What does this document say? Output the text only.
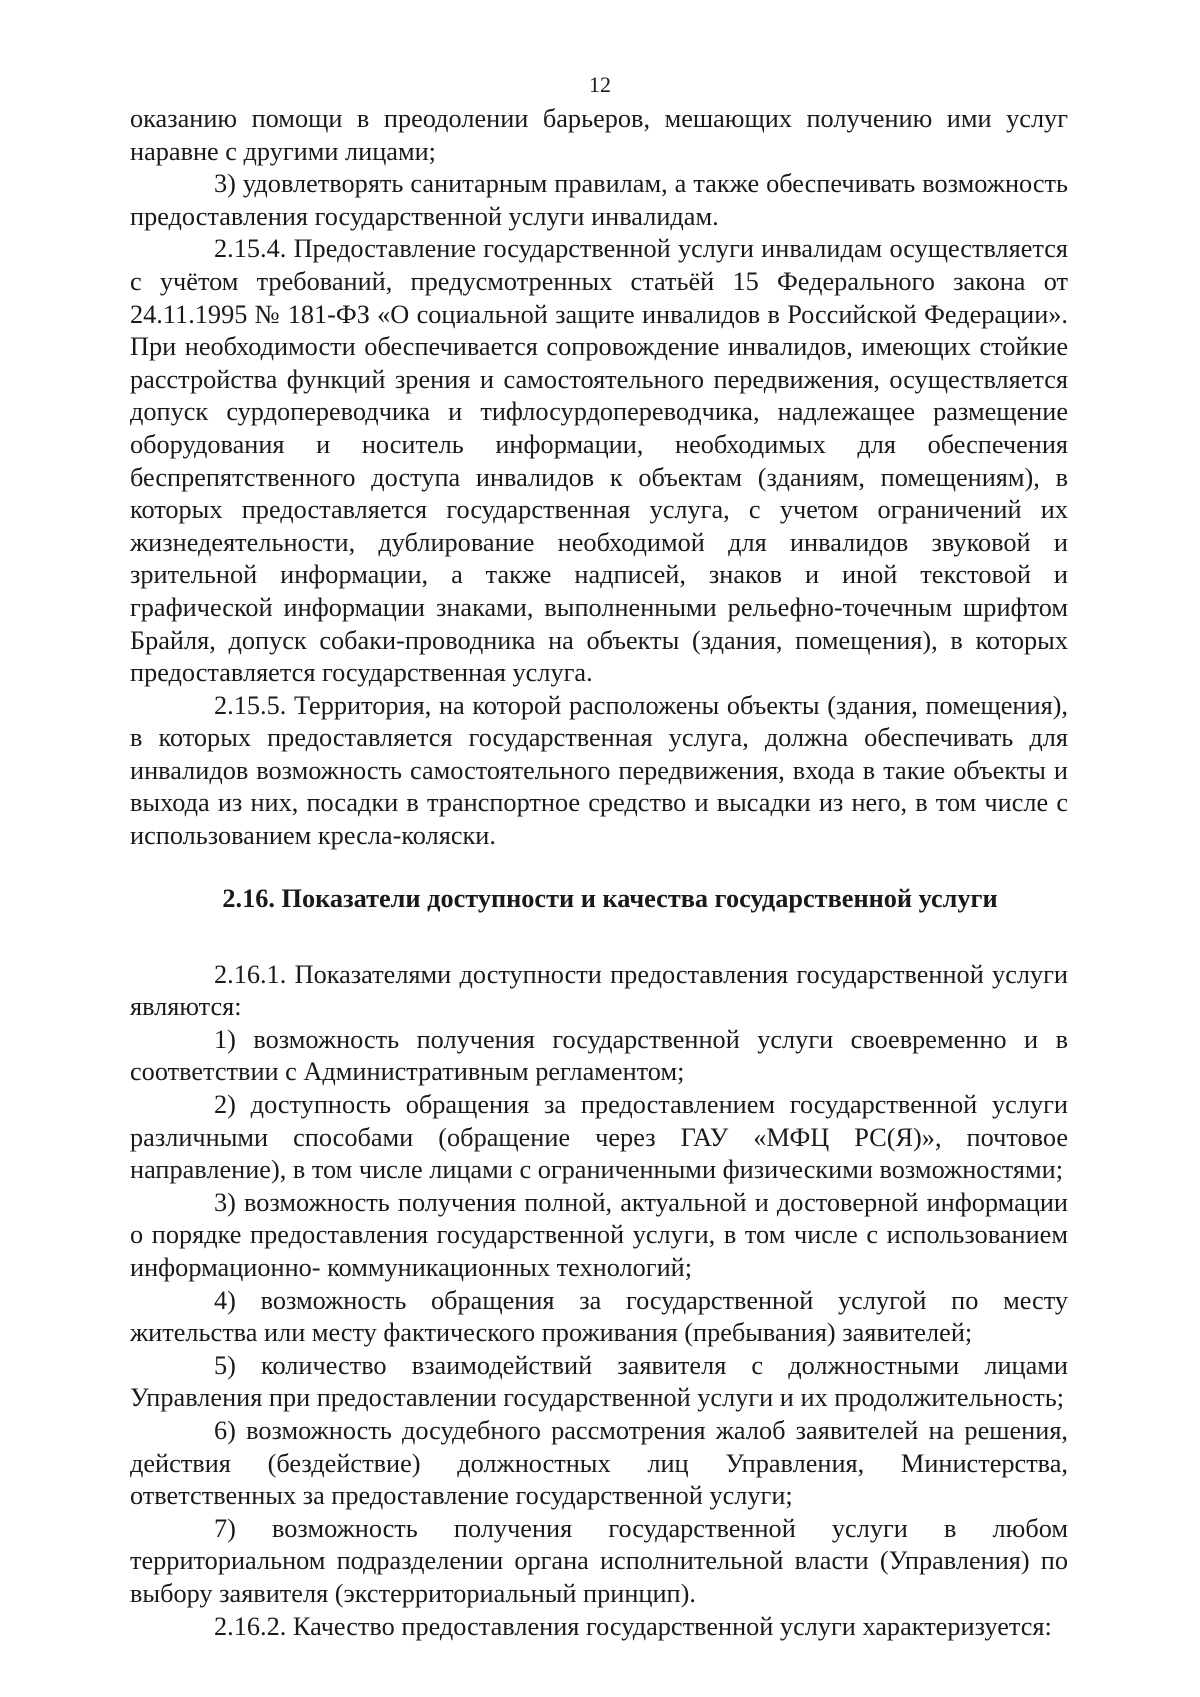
12

оказанию помощи в преодолении барьеров, мешающих получению ими услуг наравне с другими лицами;

3) удовлетворять санитарным правилам, а также обеспечивать возможность предоставления государственной услуги инвалидам.

2.15.4. Предоставление государственной услуги инвалидам осуществляется с учётом требований, предусмотренных статьёй 15 Федерального закона от 24.11.1995 № 181-ФЗ «О социальной защите инвалидов в Российской Федерации». При необходимости обеспечивается сопровождение инвалидов, имеющих стойкие расстройства функций зрения и самостоятельного передвижения, осуществляется допуск сурдопереводчика и тифлосурдопереводчика, надлежащее размещение оборудования и носитель информации, необходимых для обеспечения беспрепятственного доступа инвалидов к объектам (зданиям, помещениям), в которых предоставляется государственная услуга, с учетом ограничений их жизнедеятельности, дублирование необходимой для инвалидов звуковой и зрительной информации, а также надписей, знаков и иной текстовой и графической информации знаками, выполненными рельефно-точечным шрифтом Брайля, допуск собаки-проводника на объекты (здания, помещения), в которых предоставляется государственная услуга.

2.15.5. Территория, на которой расположены объекты (здания, помещения), в которых предоставляется государственная услуга, должна обеспечивать для инвалидов возможность самостоятельного передвижения, входа в такие объекты и выхода из них, посадки в транспортное средство и высадки из него, в том числе с использованием кресла-коляски.

2.16. Показатели доступности и качества государственной услуги

2.16.1. Показателями доступности предоставления государственной услуги являются:

1) возможность получения государственной услуги своевременно и в соответствии с Административным регламентом;

2) доступность обращения за предоставлением государственной услуги различными способами (обращение через ГАУ «МФЦ РС(Я)», почтовое направление), в том числе лицами с ограниченными физическими возможностями;

3) возможность получения полной, актуальной и достоверной информации о порядке предоставления государственной услуги, в том числе с использованием информационно- коммуникационных технологий;

4) возможность обращения за государственной услугой по месту жительства или месту фактического проживания (пребывания) заявителей;

5) количество взаимодействий заявителя с должностными лицами Управления при предоставлении государственной услуги и их продолжительность;

6) возможность досудебного рассмотрения жалоб заявителей на решения, действия (бездействие) должностных лиц Управления, Министерства, ответственных за предоставление государственной услуги;

7) возможность получения государственной услуги в любом территориальном подразделении органа исполнительной власти (Управления) по выбору заявителя (экстерриториальный принцип).

2.16.2. Качество предоставления государственной услуги характеризуется:
